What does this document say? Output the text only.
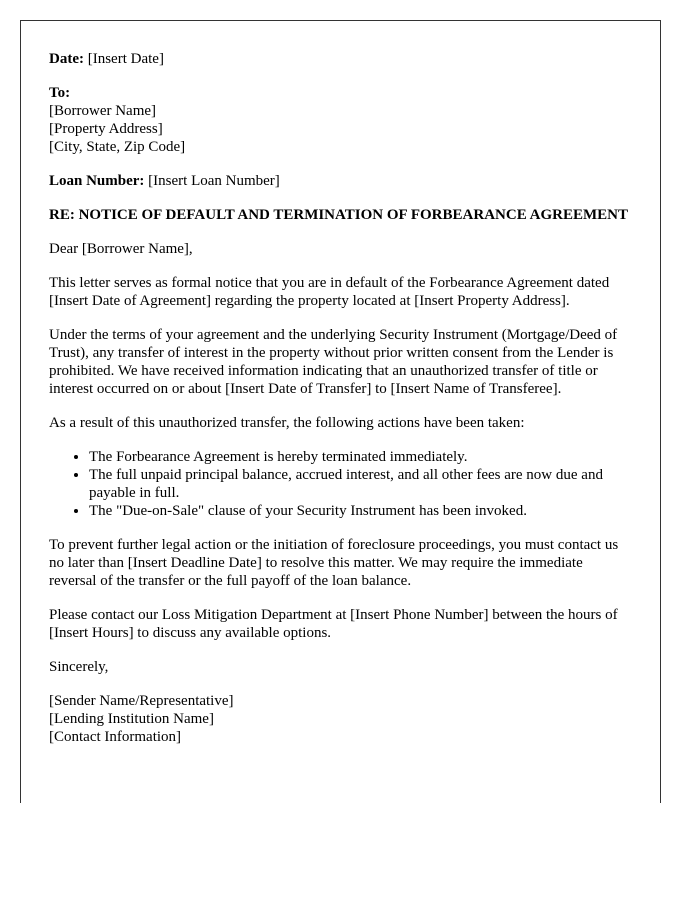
Date: [Insert Date]

To:
[Borrower Name]
[Property Address]
[City, State, Zip Code]

Loan Number: [Insert Loan Number]

RE: NOTICE OF DEFAULT AND TERMINATION OF FORBEARANCE AGREEMENT

Dear [Borrower Name],

This letter serves as formal notice that you are in default of the Forbearance Agreement dated [Insert Date of Agreement] regarding the property located at [Insert Property Address].

Under the terms of your agreement and the underlying Security Instrument (Mortgage/Deed of Trust), any transfer of interest in the property without prior written consent from the Lender is prohibited. We have received information indicating that an unauthorized transfer of title or interest occurred on or about [Insert Date of Transfer] to [Insert Name of Transferee].

As a result of this unauthorized transfer, the following actions have been taken:

• The Forbearance Agreement is hereby terminated immediately.
• The full unpaid principal balance, accrued interest, and all other fees are now due and payable in full.
• The "Due-on-Sale" clause of your Security Instrument has been invoked.

To prevent further legal action or the initiation of foreclosure proceedings, you must contact us no later than [Insert Deadline Date] to resolve this matter. We may require the immediate reversal of the transfer or the full payoff of the loan balance.

Please contact our Loss Mitigation Department at [Insert Phone Number] between the hours of [Insert Hours] to discuss any available options.

Sincerely,

[Sender Name/Representative]
[Lending Institution Name]
[Contact Information]
